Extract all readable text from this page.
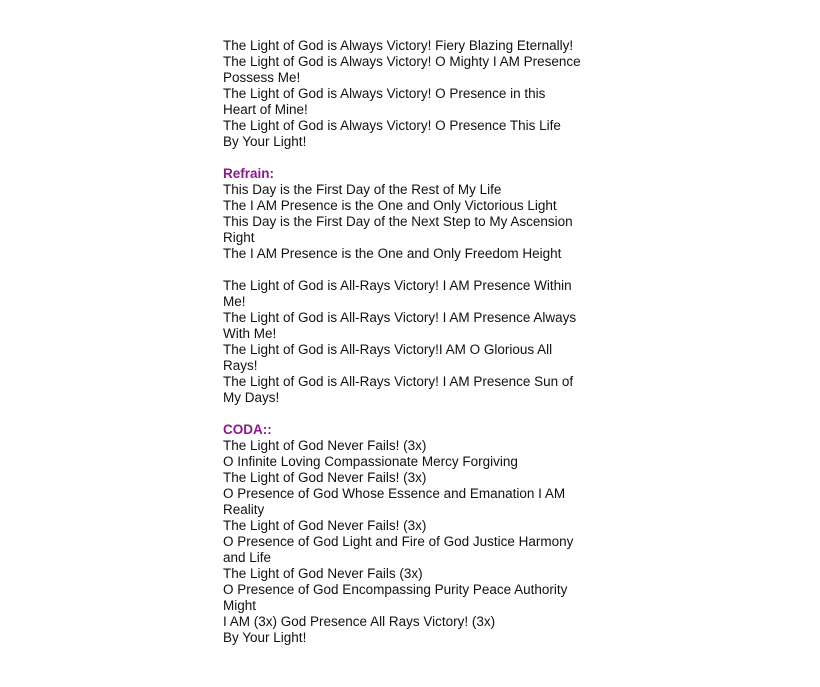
The Light of God is Always Victory! Fiery Blazing Eternally!
The Light of God is Always Victory! O Mighty I AM Presence
Possess Me!
The Light of God is Always Victory! O Presence in this
Heart of Mine!
The Light of God is Always Victory! O Presence This Life
By Your Light!
Refrain:
This Day is the First Day of the Rest of My Life
The I AM Presence is the One and Only Victorious Light
This Day is the First Day of the Next Step to My Ascension
Right
The I AM Presence is the One and Only Freedom Height
The Light of God is All-Rays Victory! I AM Presence Within
Me!
The Light of God is All-Rays Victory! I AM Presence Always
With Me!
The Light of God is All-Rays Victory!I AM O Glorious All
Rays!
The Light of God is All-Rays Victory! I AM Presence Sun of
My Days!
CODA::
The Light of God Never Fails! (3x)
O Infinite Loving Compassionate Mercy Forgiving
The Light of God Never Fails! (3x)
O Presence of God Whose Essence and Emanation I AM
Reality
The Light of God Never Fails! (3x)
O Presence of God Light and Fire of God Justice Harmony
and Life
The Light of God Never Fails (3x)
O Presence of God Encompassing Purity Peace Authority
Might
I AM (3x) God Presence All Rays Victory! (3x)
By Your Light!
